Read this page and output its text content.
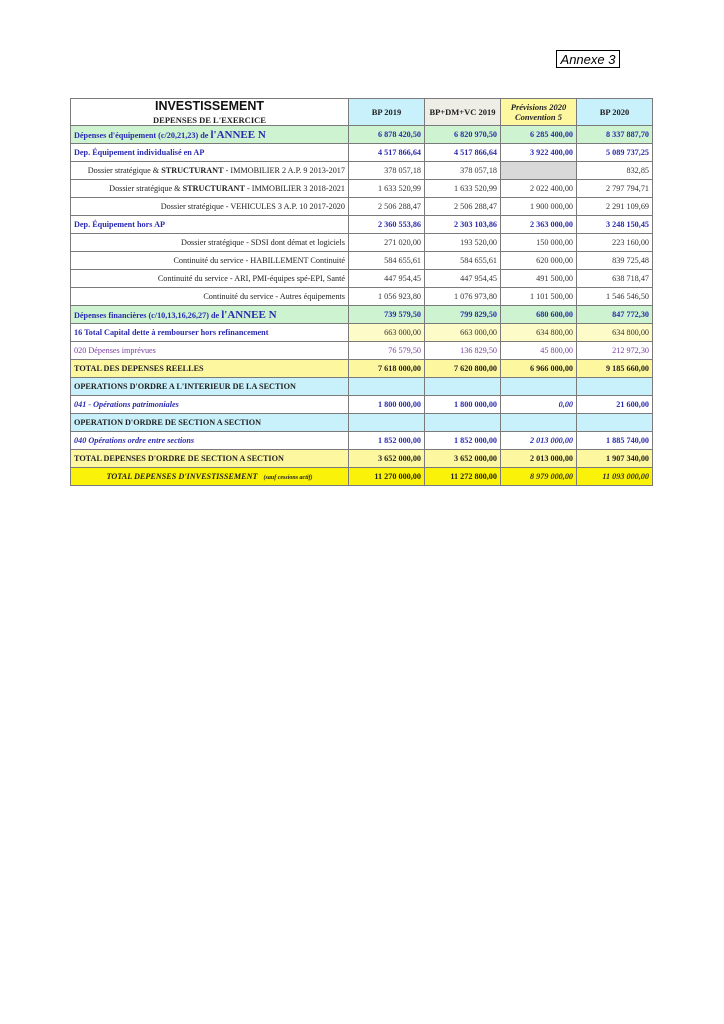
Annexe 3
INVESTISSEMENT
DEPENSES DE L'EXERCICE	BP 2019	BP+DM+VC 2019	Prévisions 2020 Convention 5	BP 2020
Dépenses d'équipement (c/20,21,23) de l'ANNEE N	6 878 420,50	6 820 970,50	6 285 400,00	8 337 887,70
Dep. Équipement individualisé en AP	4 517 866,64	4 517 866,64	3 922 400,00	5 089 737,25
Dossier stratégique & STRUCTURANT - IMMOBILIER 2 A.P. 9 2013-2017	378 057,18	378 057,18		832,85
Dossier stratégique & STRUCTURANT - IMMOBILIER 3 2018-2021	1 633 520,99	1 633 520,99	2 022 400,00	2 797 794,71
Dossier stratégique - VEHICULES 3 A.P. 10 2017-2020	2 506 288,47	2 506 288,47	1 900 000,00	2 291 109,69
Dep. Équipement hors AP	2 360 553,86	2 303 103,86	2 363 000,00	3 248 150,45
Dossier stratégique - SDSI dont démat et logiciels	271 020,00	193 520,00	150 000,00	223 160,00
Continuité du service - HABILLEMENT Continuité	584 655,61	584 655,61	620 000,00	839 725,48
Continuité du service - ARI, PMI-équipes spé-EPI, Santé	447 954,45	447 954,45	491 500,00	638 718,47
Continuité du service - Autres équipements	1 056 923,80	1 076 973,80	1 101 500,00	1 546 546,50
Dépenses financières (c/10,13,16,26,27) de l'ANNEE N	739 579,50	799 829,50	680 600,00	847 772,30
16 Total Capital dette à rembourser hors refinancement	663 000,00	663 000,00	634 800,00	634 800,00
020 Dépenses imprévues	76 579,50	136 829,50	45 800,00	212 972,30
TOTAL DES DEPENSES REELLES	7 618 000,00	7 620 800,00	6 966 000,00	9 185 660,00
OPERATIONS D'ORDRE A L'INTERIEUR DE LA SECTION				
041 - Opérations patrimoniales	1 800 000,00	1 800 000,00	0,00	21 600,00
OPERATION D'ORDRE DE SECTION A SECTION				
040 Opérations ordre entre sections	1 852 000,00	1 852 000,00	2 013 000,00	1 885 740,00
TOTAL DEPENSES D'ORDRE DE SECTION A SECTION	3 652 000,00	3 652 000,00	2 013 000,00	1 907 340,00
TOTAL DEPENSES D'INVESTISSEMENT (sauf cessions actif)	11 270 000,00	11 272 800,00	8 979 000,00	11 093 000,00
